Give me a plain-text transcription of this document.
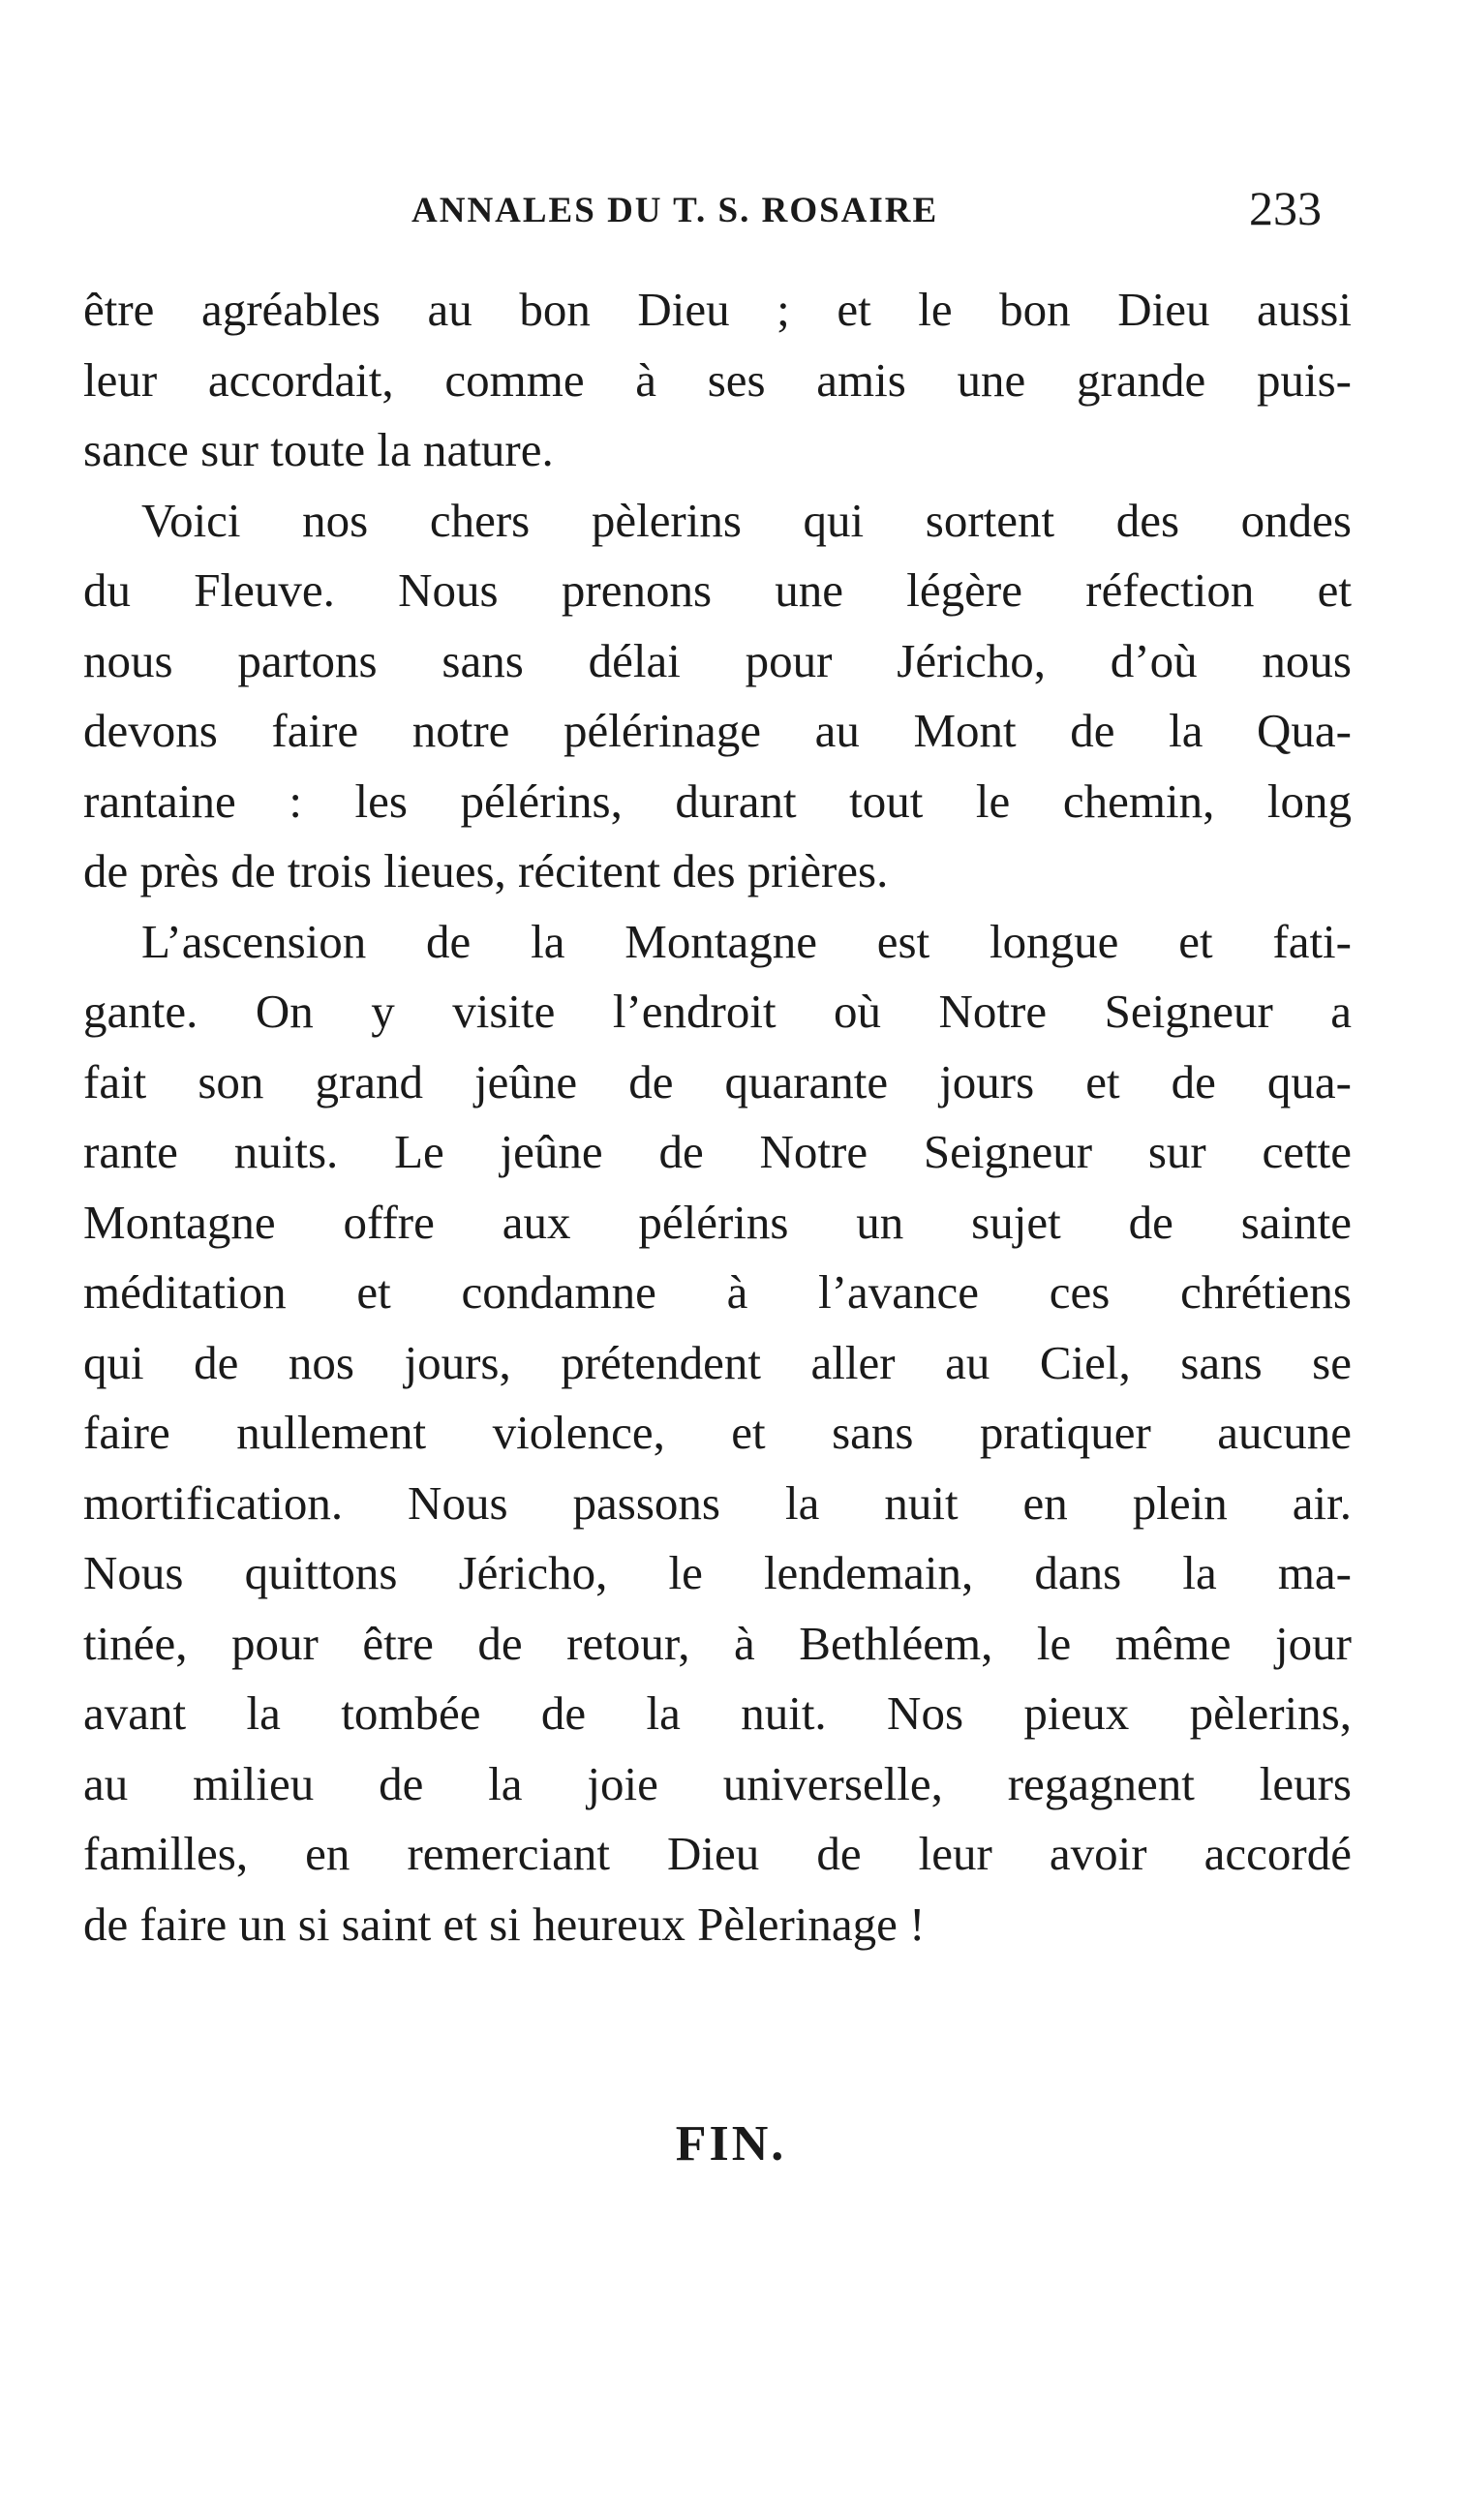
ANNALES DU T. S. ROSAIRE	233
être agréables au bon Dieu ; et le bon Dieu aussi
leur accordait, comme à ses amis une grande puis-
sance sur toute la nature.
Voici nos chers pèlerins qui sortent des ondes
du Fleuve. Nous prenons une légère réfection et
nous partons sans délai pour Jéricho, d’où nous
devons faire notre pélérinage au Mont de la Qua-
rantaine : les pélérins, durant tout le chemin, long
de près de trois lieues, récitent des prières.
L’ascension de la Montagne est longue et fati-
gante. On y visite l’endroit où Notre Seigneur a
fait son grand jeûne de quarante jours et de qua-
rante nuits. Le jeûne de Notre Seigneur sur cette
Montagne offre aux pélérins un sujet de sainte
méditation et condamne à l’avance ces chrétiens
qui de nos jours, prétendent aller au Ciel, sans se
faire nullement violence, et sans pratiquer aucune
mortification. Nous passons la nuit en plein air.
Nous quittons Jéricho, le lendemain, dans la ma-
tinée, pour être de retour, à Bethléem, le même jour
avant la tombée de la nuit. Nos pieux pèlerins,
au milieu de la joie universelle, regagnent leurs
familles, en remerciant Dieu de leur avoir accordé
de faire un si saint et si heureux Pèlerinage !
FIN.
